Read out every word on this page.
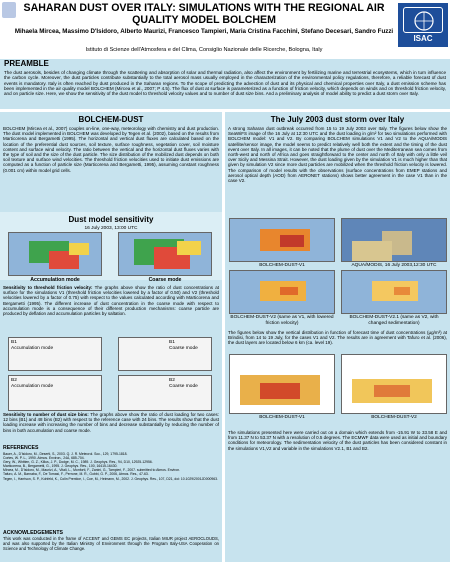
SAHARAN DUST OVER ITALY: SIMULATIONS WITH THE REGIONAL AIR QUALITY MODEL BOLCHEM
Mihaela Mircea, Massimo D'Isidoro, Alberto Maurizi, Francesco Tampieri, Maria Cristina Facchini, Stefano Decesari, Sandro Fuzzi
Istituto di Scienze dell'Atmosfera e del Clima, Consiglio Nazionale delle Ricerche, Bologna, Italy
ISAC
PREAMBLE
The dust aerosols, besides of changing climate through the scattering and absorption of solar and thermal radiation, also affect the environment by fertilizing marine and terrestrial ecosystems, which in turn influence the carbon cycle. Moreover, the dust particles contribute substantially to the total aerosol mass usually employed in the characterization of the environmental policy regulations, therefore, a reliable forecast of dust events is mandatory. Italy is often reached by dust produced in the Saharan regions. To the scope of predicting the advection of dust and its physical and chemical properties over Italy, a dust emission scheme has been implemented in the air quality model BOLCHEM (Mircea et al., 2007; P 4.5). The flux of dust at surface is parameterized as a function of friction velocity, which depends on winds and on threshold friction velocity, and on particle size. Here, we show the sensitivity of the dust model to threshold velocity values and to number of dust size bins. And a preliminary analysis of model ability to predict a dust storm over Italy.
BOLCHEM-DUST
BOLCHEM (Mircea et al., 2007) couples on-line, one-way, meteorology with chemistry and dust production. The dust model implemented in BOLCHEM was developed by Tegen et al. (2002), based on the results from Marticorena and Bergametti (1995). The horizontal and vertical dust fluxes are calculated based on the location of the preferential dust sources, soil texture, surface roughness, vegetation cover, soil moisture content and surface wind velocity. The ratio between the vertical and the horizontal dust fluxes varies with the type of soil and the size of the dust particle. The size distribution of the mobilized dust depends on both soil texture and surface wind velocities. The threshold friction velocities used to initiate dust emissions are computed as a function of particle size (Marticorena and Bergametti, 1995), assuming constant roughness (0.001 cm) within model grid cells.
Dust model sensitivity
16 July 2003, 13:00 UTC
Accumulation mode	Coarse mode
Sensitivity to threshold friction velocity: The graphs above show the ratio of dust concentrations at surface for the simulations V1 (threshold friction velocities lowered by a factor of 0.50) and V2 (threshold velocities lowered by a factor of 0.75) with respect to the values calculated according with Marticorena and Bergametti (1995). The different increase of dust concentration in the coarse mode with respect to accumulation mode is a consequence of their different production mechanisms: coarse particle are produced by deflation and accumulation particles by saltation.
B1
Accumulation mode
B1
Coarse mode
B2
Accumulation mode
B2
Coarse mode
Sensitivity to number of dust size bins: The graphs above show the ratio of dust loading for two cases: 12 bins (B1) and 48 bins (B2) with respect to the reference case with 24 bins. The results show that the dust loading increase with increasing the number of bins and decrease substantially by reducing the number of bins in both accumulation and coarse mode.
REFERENCES
Bauer, A., D'Isidoro, M., Deserti, S., 2003. Q. J. R. Meteorol. Soc., 129, 1795-1818.
Cortes, W. P. L., 1990. Atmos. Environ., 24A, 685-704.
Gery, W., Whitten, G. Z., Killus, J. P., Dodge, M. C., 1989. J. Geophys. Res., 94, D10, 12925-12956.
Marticorena, B., Bergametti, G., 1995. J. Geophys. Res., 100, 16415-16430.
Mircea, M., D'Isidoro, M., Maurizi, A., Vitali, L., Monforti, F., Zanini, G., Tampieri, F., 2007. submitted to Atmos. Environ.
Tafuro, A. M., Barnaba, F., De Tomasi, F., Perrone, M. R., Gobbi, G. P., 2006, Atmos. Res., 47-63.
Tegen, I., Harrison, S. P., Kohfeld, K., Colin Prentice, I., Coe, M., Heimann, M., 2002. J. Geophys. Res., 107, D21, doi: 10.1029/2001JD000963.
ACKNOWLEDGEMENTS
This work was conducted in the frame of ACCENT and GEMS EC projects, Italian MIUR project AEROCLOUDS, and was also supported by the Italian Ministry of Environment through the Program Italy-USA Cooperation on Science and Technology of Climate Change.
The July 2003 dust storm over Italy
A strong Saharan dust outbreak occurred from 15 to 19 July 2003 over Italy. The figures below show the SeaWiFS image of the 16 July at 12:30 UTC and the dust loading in g/m² for two simulations performed with BOLCHEM model: V1 and V2. By comparing BOLCHEM simulations V1 and V2 to the AQUA/MODIS satellite/sensor image, the model seems to predict relatively well both the extent and the timing of the dust event over Italy. In all images, it can be noted that the plume of dust over the Mediterranean sea comes from north-west and north of Africa and goes straightforward to the center and north of Italy with only a little veil over Sicily and Messina Strait. However, the dust loading given by the simulation V1 is much higher than that given by simulation V2 since more dust particles are mobilized when the threshold friction velocity is lowered. The comparison of model results with the observations (surface concentrations from EMEP stations and aerosol optical depth (AOD) from AERONET stations) shows better agreement in the case V1 than in the case V2.
BOLCHEM-DUST-V1	AQUA/MODIS, 16 July 2003,12:30 UTC
BOLCHEM-DUST-V2 (same as V1, with lowered friction velocity)
BOLCHEM-DUST-V2.1 (same as V2, with changed sedimentation)
The figures below show the vertical distribution in function of forecast time of dust concentrations (µg/m³) at Brindisi, from 14 to 19 July, for the cases V1 and V2. The results are in agreement with Tafuro et al. (2006), the dust layers are located below 6 km (ca. level 19).
BOLCHEM-DUST-V1	BOLCHEM-DUST-V2
The simulations presented here were carried out on a domain which extends from -15.91 W to 33.58 E and from 11.37 N to 53.37 N with a resolution of 0.5 degrees. The ECMWF data were used as initial and boundary conditions for meteorology. The sedimentation velocity of the dust particles has been considered constant in the simulations V1,V2 and variable in the simulations V2.1, B1 and B2.
